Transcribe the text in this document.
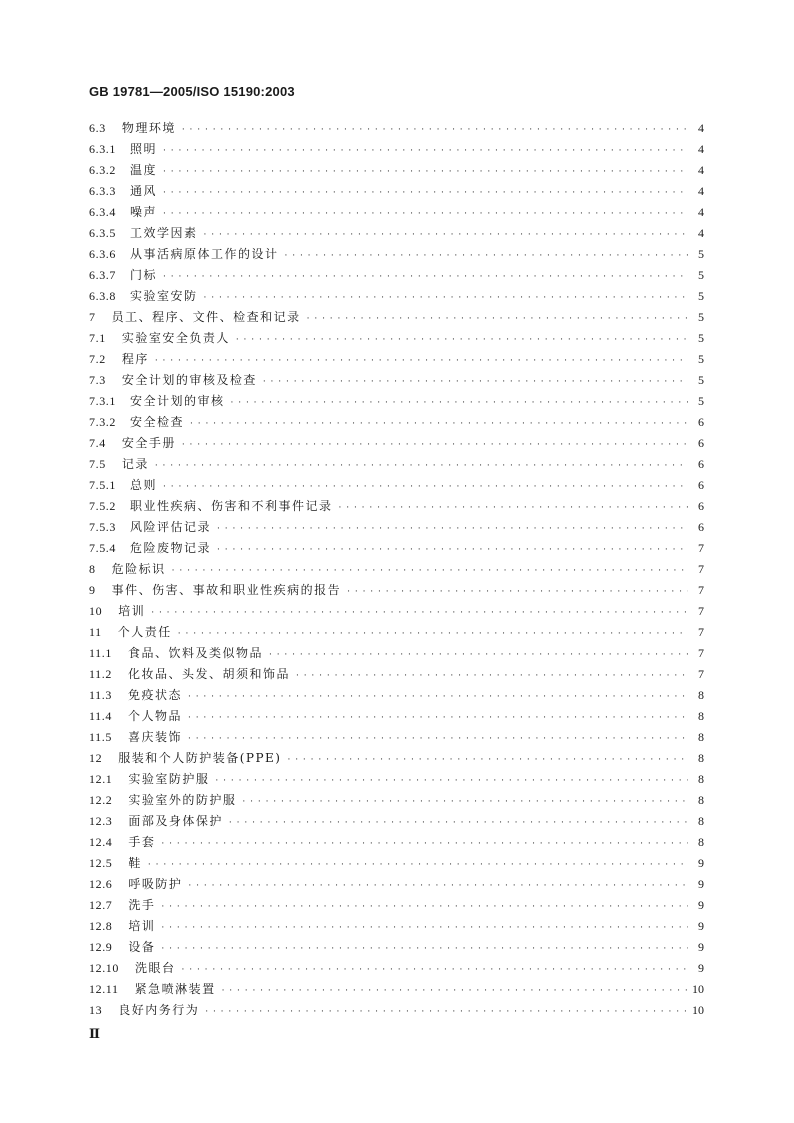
GB 19781—2005/ISO 15190:2003
6.3 物理环境 · · ·	4
6.3.1 照明 · · ·	4
6.3.2 温度 · · ·	4
6.3.3 通风 · · ·	4
6.3.4 噪声 · · ·	4
6.3.5 工效学因素 · · ·	4
6.3.6 从事活病原体工作的设计 · · ·	5
6.3.7 门标 · · ·	5
6.3.8 实验室安防 · · ·	5
7 员工、程序、文件、检查和记录 · · ·	5
7.1 实验室安全负责人 · · ·	5
7.2 程序 · · ·	5
7.3 安全计划的审核及检查 · · ·	5
7.3.1 安全计划的审核 · · ·	5
7.3.2 安全检查 · · ·	6
7.4 安全手册 · · ·	6
7.5 记录 · · ·	6
7.5.1 总则 · · ·	6
7.5.2 职业性疾病、伤害和不利事件记录 · · ·	6
7.5.3 风险评估记录 · · ·	6
7.5.4 危险废物记录 · · ·	7
8 危险标识 · · ·	7
9 事件、伤害、事故和职业性疾病的报告 · · ·	7
10 培训 · · ·	7
11 个人责任 · · ·	7
11.1 食品、饮料及类似物品 · · ·	7
11.2 化妆品、头发、胡须和饰品 · · ·	7
11.3 免疫状态 · · ·	8
11.4 个人物品 · · ·	8
11.5 喜庆装饰 · · ·	8
12 服装和个人防护装备(PPE) · · ·	8
12.1 实验室防护服 · · ·	8
12.2 实验室外的防护服 · · ·	8
12.3 面部及身体保护 · · ·	8
12.4 手套 · · ·	8
12.5 鞋 · · ·	9
12.6 呼吸防护 · · ·	9
12.7 洗手 · · ·	9
12.8 培训 · · ·	9
12.9 设备 · · ·	9
12.10 洗眼台 · · ·	9
12.11 紧急喷淋装置 · · ·	10
13 良好内务行为 · · ·	10
Ⅱ
